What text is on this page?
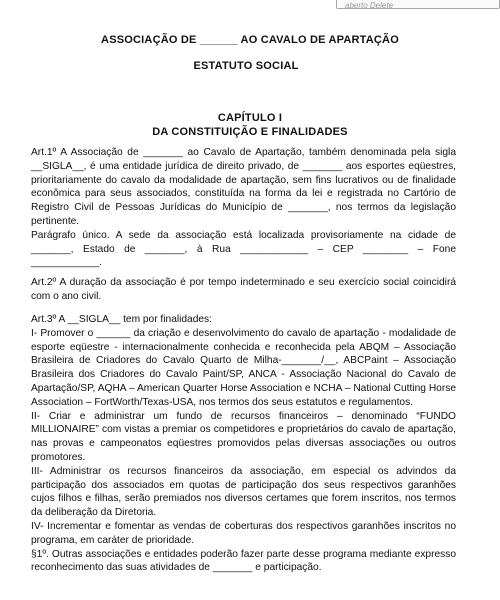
aberto Delete
ASSOCIAÇÃO DE ______ AO CAVALO DE APARTAÇÃO
ESTATUTO SOCIAL
CAPÍTULO I
DA CONSTITUIÇÃO E FINALIDADES

Art.1º A Associação de _______ ao Cavalo de Apartação, também denominada pela sigla __SIGLA__, é uma entidade jurídica de direito privado, de _______ aos esportes eqüestres, prioritariamente do cavalo da modalidade de apartação, sem fins lucrativos ou de finalidade econômica para seus associados, constituída na forma da lei e registrada no Cartório de Registro Civil de Pessoas Jurídicas do Município de _______, nos termos da legislação pertinente.

Parágrafo único. A sede da associação está localizada provisoriamente na cidade de _______, Estado de _______, à Rua ____________ – CEP ________ – Fone ____________.

Art.2º A duração da associação é por tempo indeterminado e seu exercício social coincidirá com o ano civil.

Art.3º A __SIGLA__ tem por finalidades:

I- Promover o ______ da criação e desenvolvimento do cavalo de apartação - modalidade de esporte eqüestre - internacionalmente conhecida e reconhecida pela ABQM – Associação Brasileira de Criadores do Cavalo Quarto de Milha-_______/__, ABCPaint – Associação Brasileira dos Criadores do Cavalo Paint/SP, ANCA - Associação Nacional do Cavalo de Apartação/SP, AQHA – American Quarter Horse Association e NCHA – National Cutting Horse Association – FortWorth/Texas-USA, nos termos dos seus estatutos e regulamentos.

II- Criar e administrar um fundo de recursos financeiros – denominado “FUNDO MILLIONAIRE” com vistas a premiar os competidores e proprietários do cavalo de apartação, nas provas e campeonatos eqüestres promovidos pelas diversas associações ou outros promotores.

III- Administrar os recursos financeiros da associação, em especial os advindos da participação dos associados em quotas de participação dos seus respectivos garanhões cujos filhos e filhas, serão premiados nos diversos certames que forem inscritos, nos termos da deliberação da Diretoria.

IV- Incrementar e fomentar as vendas de coberturas dos respectivos garanhões inscritos no programa, em caráter de prioridade.

§1º. Outras associações e entidades poderão fazer parte desse programa mediante expresso reconhecimento das suas atividades de _______ e participação.
